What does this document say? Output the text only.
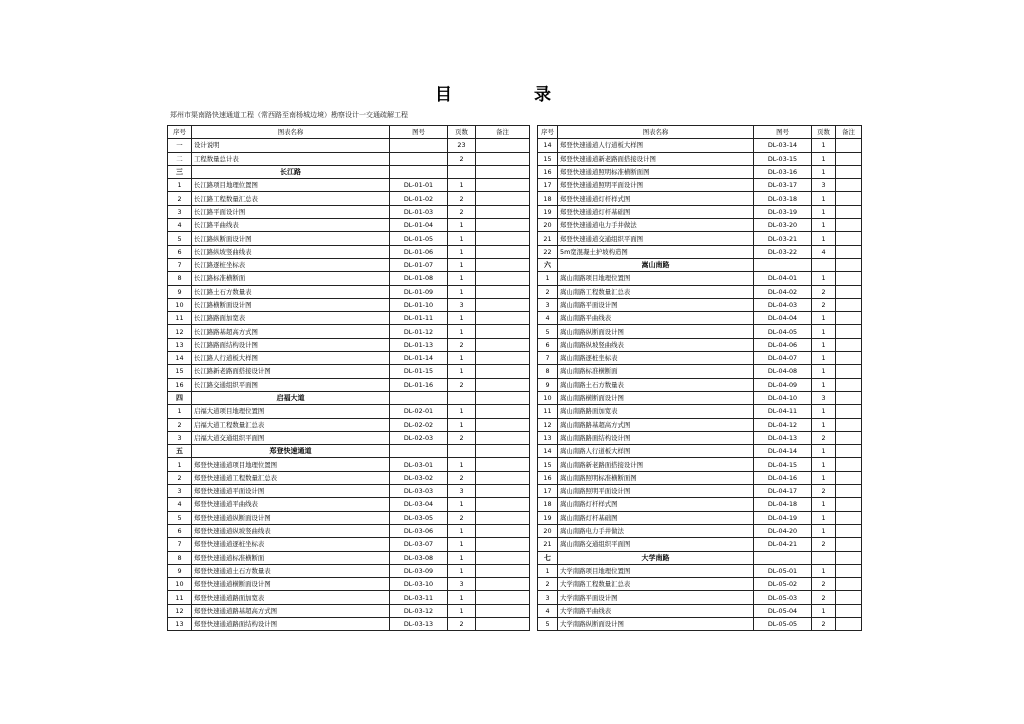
目 录
郑州市渠南路快速通道工程（常西路至南杨城边境）勘察设计一交通疏解工程
序号	图表名称	图号	页数	备注
一	设计说明		23	
二	工程数量总计表		2	
三	长江路			
1	长江路项目地理位置图	DL-01-01	1	
2	长江路工程数量汇总表	DL-01-02	2	
3	长江路平面设计图	DL-01-03	2	
4	长江路平曲线表	DL-01-04	1	
5	长江路纵断面设计图	DL-01-05	1	
6	长江路纵坡竖曲线表	DL-01-06	1	
7	长江路逐桩坐标表	DL-01-07	1	
8	长江路标准横断面	DL-01-08	1	
9	长江路土石方数量表	DL-01-09	1	
10	长江路横断面设计图	DL-01-10	3	
11	长江路路面加宽表	DL-01-11	1	
12	长江路路基超高方式图	DL-01-12	1	
13	长江路路面结构设计图	DL-01-13	2	
14	长江路人行道板大样图	DL-01-14	1	
15	长江路新老路面搭接设计图	DL-01-15	1	
16	长江路交通组织平面图	DL-01-16	2	
四	启福大道			
1	启福大道项目地理位置图	DL-02-01	1	
2	启福大道工程数量汇总表	DL-02-02	1	
3	启福大道交通组织平面图	DL-02-03	2	
五	郑登快速通道			
1	郑登快速通道项目地理位置图	DL-03-01	1	
2	郑登快速通道工程数量汇总表	DL-03-02	2	
3	郑登快速通道平面设计图	DL-03-03	3	
4	郑登快速通道平曲线表	DL-03-04	1	
5	郑登快速通道纵断面设计图	DL-03-05	2	
6	郑登快速通道纵坡竖曲线表	DL-03-06	1	
7	郑登快速通道逐桩坐标表	DL-03-07	1	
8	郑登快速通道标准横断面	DL-03-08	1	
9	郑登快速通道土石方数量表	DL-03-09	1	
10	郑登快速通道横断面设计图	DL-03-10	3	
11	郑登快速通道路面加宽表	DL-03-11	1	
12	郑登快速通道路基超高方式图	DL-03-12	1	
13	郑登快速通道路面结构设计图	DL-03-13	2	
序号	图表名称	图号	页数	备注
14	郑登快速通道人行道板大样图	DL-03-14	1	
15	郑登快速通道新老路面搭接设计图	DL-03-15	1	
16	郑登快速通道照明标准横断面图	DL-03-16	1	
17	郑登快速通道照明平面设计图	DL-03-17	3	
18	郑登快速通道灯杆样式图	DL-03-18	1	
19	郑登快速通道灯杆基础图	DL-03-19	1	
20	郑登快速通道电力手井做法	DL-03-20	1	
21	郑登快速通道交通组织平面图	DL-03-21	1	
22	5m宽混凝土护坡构造图	DL-03-22	4	
六	嵩山南路			
1	嵩山南路项目地理位置图	DL-04-01	1	
2	嵩山南路工程数量汇总表	DL-04-02	2	
3	嵩山南路平面设计图	DL-04-03	2	
4	嵩山南路平曲线表	DL-04-04	1	
5	嵩山南路纵断面设计图	DL-04-05	1	
6	嵩山南路纵坡竖曲线表	DL-04-06	1	
7	嵩山南路逐桩坐标表	DL-04-07	1	
8	嵩山南路标准横断面	DL-04-08	1	
9	嵩山南路土石方数量表	DL-04-09	1	
10	嵩山南路横断面设计图	DL-04-10	3	
11	嵩山南路路面加宽表	DL-04-11	1	
12	嵩山南路路基超高方式图	DL-04-12	1	
13	嵩山南路路面结构设计图	DL-04-13	2	
14	嵩山南路人行道板大样图	DL-04-14	1	
15	嵩山南路新老路面搭接设计图	DL-04-15	1	
16	嵩山南路照明标准横断面图	DL-04-16	1	
17	嵩山南路照明平面设计图	DL-04-17	2	
18	嵩山南路灯杆样式图	DL-04-18	1	
19	嵩山南路灯杆基础图	DL-04-19	1	
20	嵩山南路电力手井做法	DL-04-20	1	
21	嵩山南路交通组织平面图	DL-04-21	2	
七	大学南路			
1	大学南路项目地理位置图	DL-05-01	1	
2	大学南路工程数量汇总表	DL-05-02	2	
3	大学南路平面设计图	DL-05-03	2	
4	大学南路平曲线表	DL-05-04	1	
5	大学南路纵断面设计图	DL-05-05	2	
